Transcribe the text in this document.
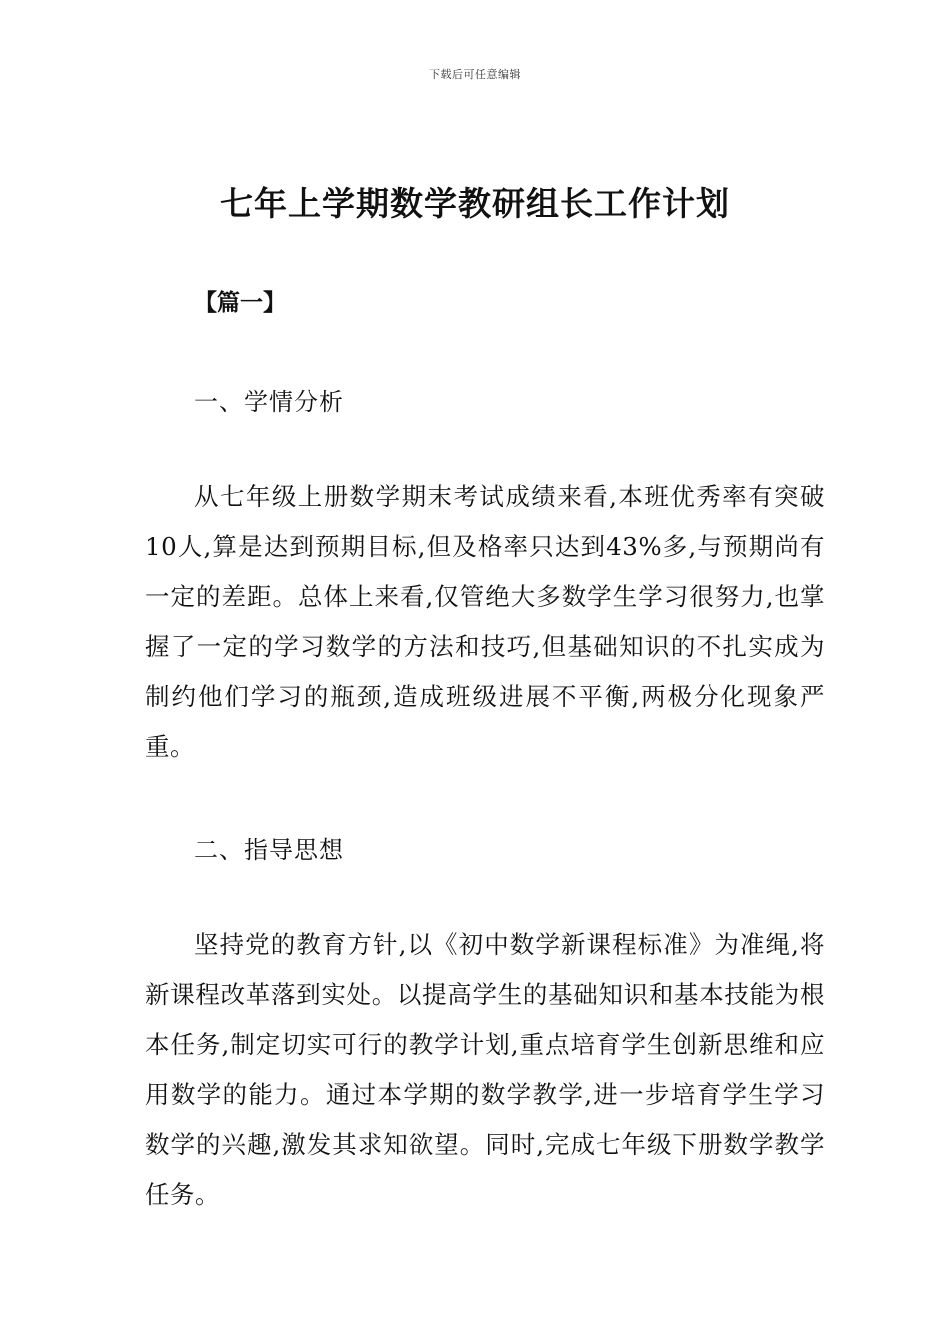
下载后可任意编辑
七年上学期数学教研组长工作计划
【篇一】
一、学情分析

从七年级上册数学期末考试成绩来看,本班优秀率有突破10人,算是达到预期目标,但及格率只达到43%多,与预期尚有一定的差距。总体上来看,仅管绝大多数学生学习很努力,也掌握了一定的学习数学的方法和技巧,但基础知识的不扎实成为制约他们学习的瓶颈,造成班级进展不平衡,两极分化现象严重。

二、指导思想

坚持党的教育方针,以《初中数学新课程标准》为准绳,将新课程改革落到实处。以提高学生的基础知识和基本技能为根本任务,制定切实可行的教学计划,重点培育学生创新思维和应用数学的能力。通过本学期的数学教学,进一步培育学生学习数学的兴趣,激发其求知欲望。同时,完成七年级下册数学教学任务。
